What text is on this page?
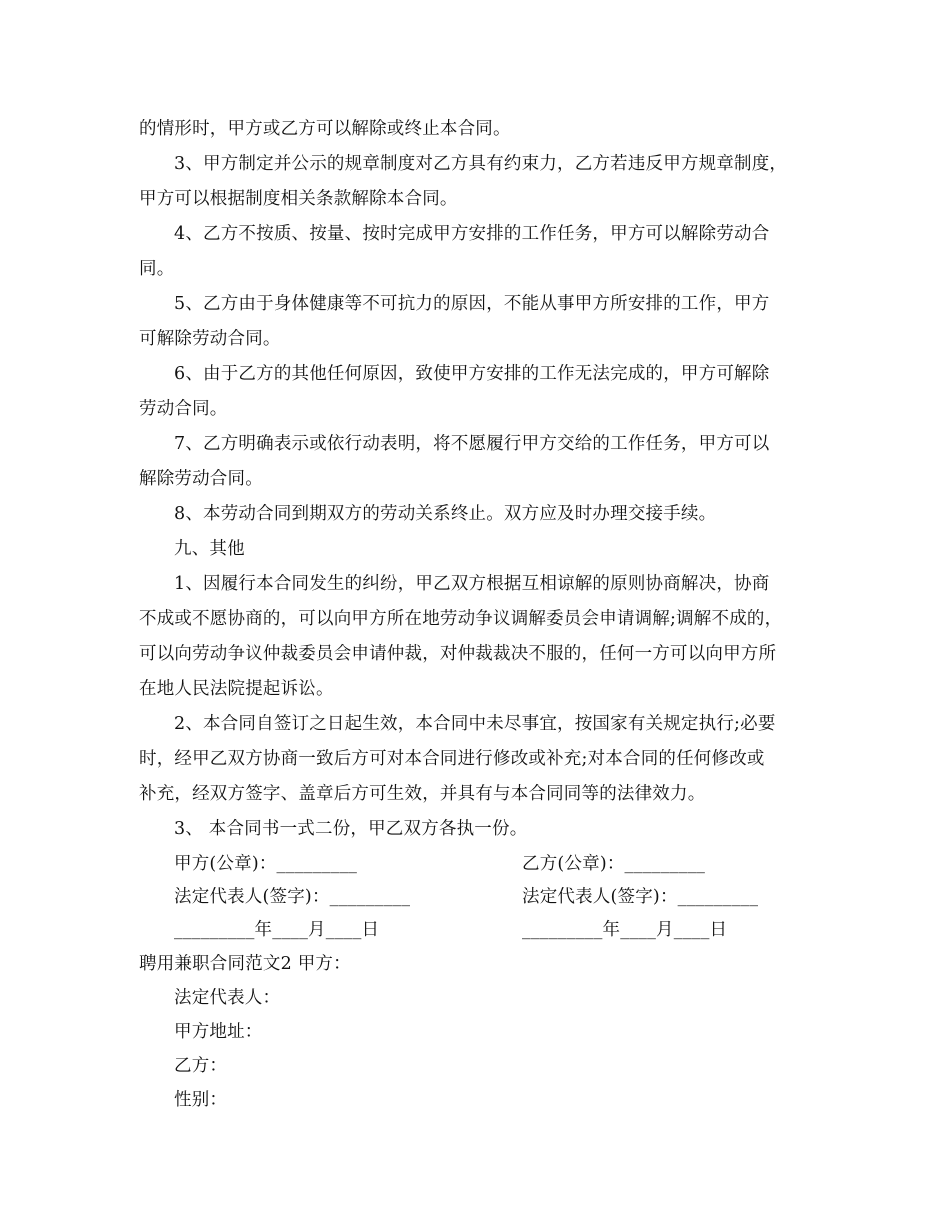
的情形时，甲方或乙方可以解除或终止本合同。
3、甲方制定并公示的规章制度对乙方具有约束力，乙方若违反甲方规章制度，
甲方可以根据制度相关条款解除本合同。
4、乙方不按质、按量、按时完成甲方安排的工作任务，甲方可以解除劳动合
同。
5、乙方由于身体健康等不可抗力的原因，不能从事甲方所安排的工作，甲方
可解除劳动合同。
6、由于乙方的其他任何原因，致使甲方安排的工作无法完成的，甲方可解除
劳动合同。
7、乙方明确表示或依行动表明，将不愿履行甲方交给的工作任务，甲方可以
解除劳动合同。
8、本劳动合同到期双方的劳动关系终止。双方应及时办理交接手续。
九、其他
1、因履行本合同发生的纠纷，甲乙双方根据互相谅解的原则协商解决，协商
不成或不愿协商的，可以向甲方所在地劳动争议调解委员会申请调解;调解不成的，
可以向劳动争议仲裁委员会申请仲裁，对仲裁裁决不服的，任何一方可以向甲方所
在地人民法院提起诉讼。
2、本合同自签订之日起生效，本合同中未尽事宜，按国家有关规定执行;必要
时，经甲乙双方协商一致后方可对本合同进行修改或补充;对本合同的任何修改或
补充，经双方签字、盖章后方可生效，并具有与本合同同等的法律效力。
3、 本合同书一式二份，甲乙双方各执一份。
甲方(公章)：_________	乙方(公章)：_________
法定代表人(签字)：_________	法定代表人(签字)：_________
_________年____月____日	_________年____月____日
聘用兼职合同范文2 甲方：
法定代表人：
甲方地址：
乙方：
性别：
